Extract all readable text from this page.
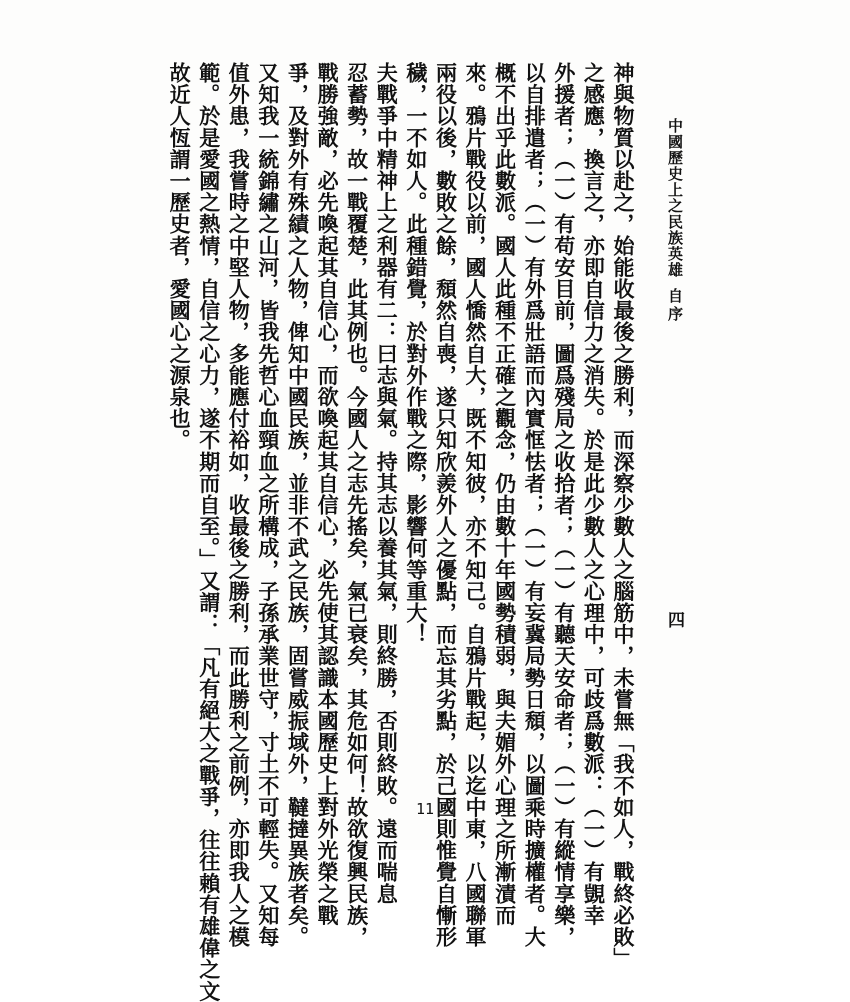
中國歷史上之民族英雄
自序
四
神與物質以赴之，始能收最後之勝利，而深察少數人之腦筋中，未嘗無「我不如人，戰終必敗」
之感應，換言之，亦即自信力之消失。於是此少數人之心理中，可歧爲數派：（一）有覬幸
外援者；（一）有苟安目前，圖爲殘局之收拾者；（一）有聽天安命者；（一）有縱情享樂，
以自排遣者；（一）有外爲壯語而內實恇怯者；（一）有妄冀局勢日頹，以圖乘時擴權者。大
概不出乎此數派。國人此種不正確之觀念，仍由數十年國勢積弱，與夫媚外心理之所漸漬而
來。鴉片戰役以前，國人憍然自大，既不知彼，亦不知己。自鴉片戰起，以迄中東，八國聯軍
兩役以後，數敗之餘，頹然自喪，遂只知欣羨外人之優點，而忘其劣點，於己國則惟覺自慚形
穢，一不如人。此種錯覺，於對外作戰之際，影響何等重大！
夫戰爭中精神上之利器有二：曰志與氣。持其志以養其氣，則終勝，否則終敗。遠而喘息
忍蓄勢，故一戰覆楚，此其例也。今國人之志先搖矣，氣已衰矣，其危如何！故欲復興民族，
戰勝強敵，必先喚起其自信心，而欲喚起其自信心，必先使其認識本國歷史上對外光榮之戰
爭，及對外有殊績之人物，俾知中國民族，並非不武之民族，固嘗威振域外，韃撻異族者矣。
又知我一統錦繡之山河，皆我先哲心血頸血之所構成，子孫承業世守，寸土不可輕失。又知每
值外患，我嘗時之中堅人物，多能應付裕如，收最後之勝利，而此勝利之前例，亦即我人之模
範。於是愛國之熱情，自信之心力，遂不期而自至。」又謂：「凡有絕大之戰爭，往往賴有雄偉之文
故近人恆謂一歷史者，愛國心之源泉也。
11
